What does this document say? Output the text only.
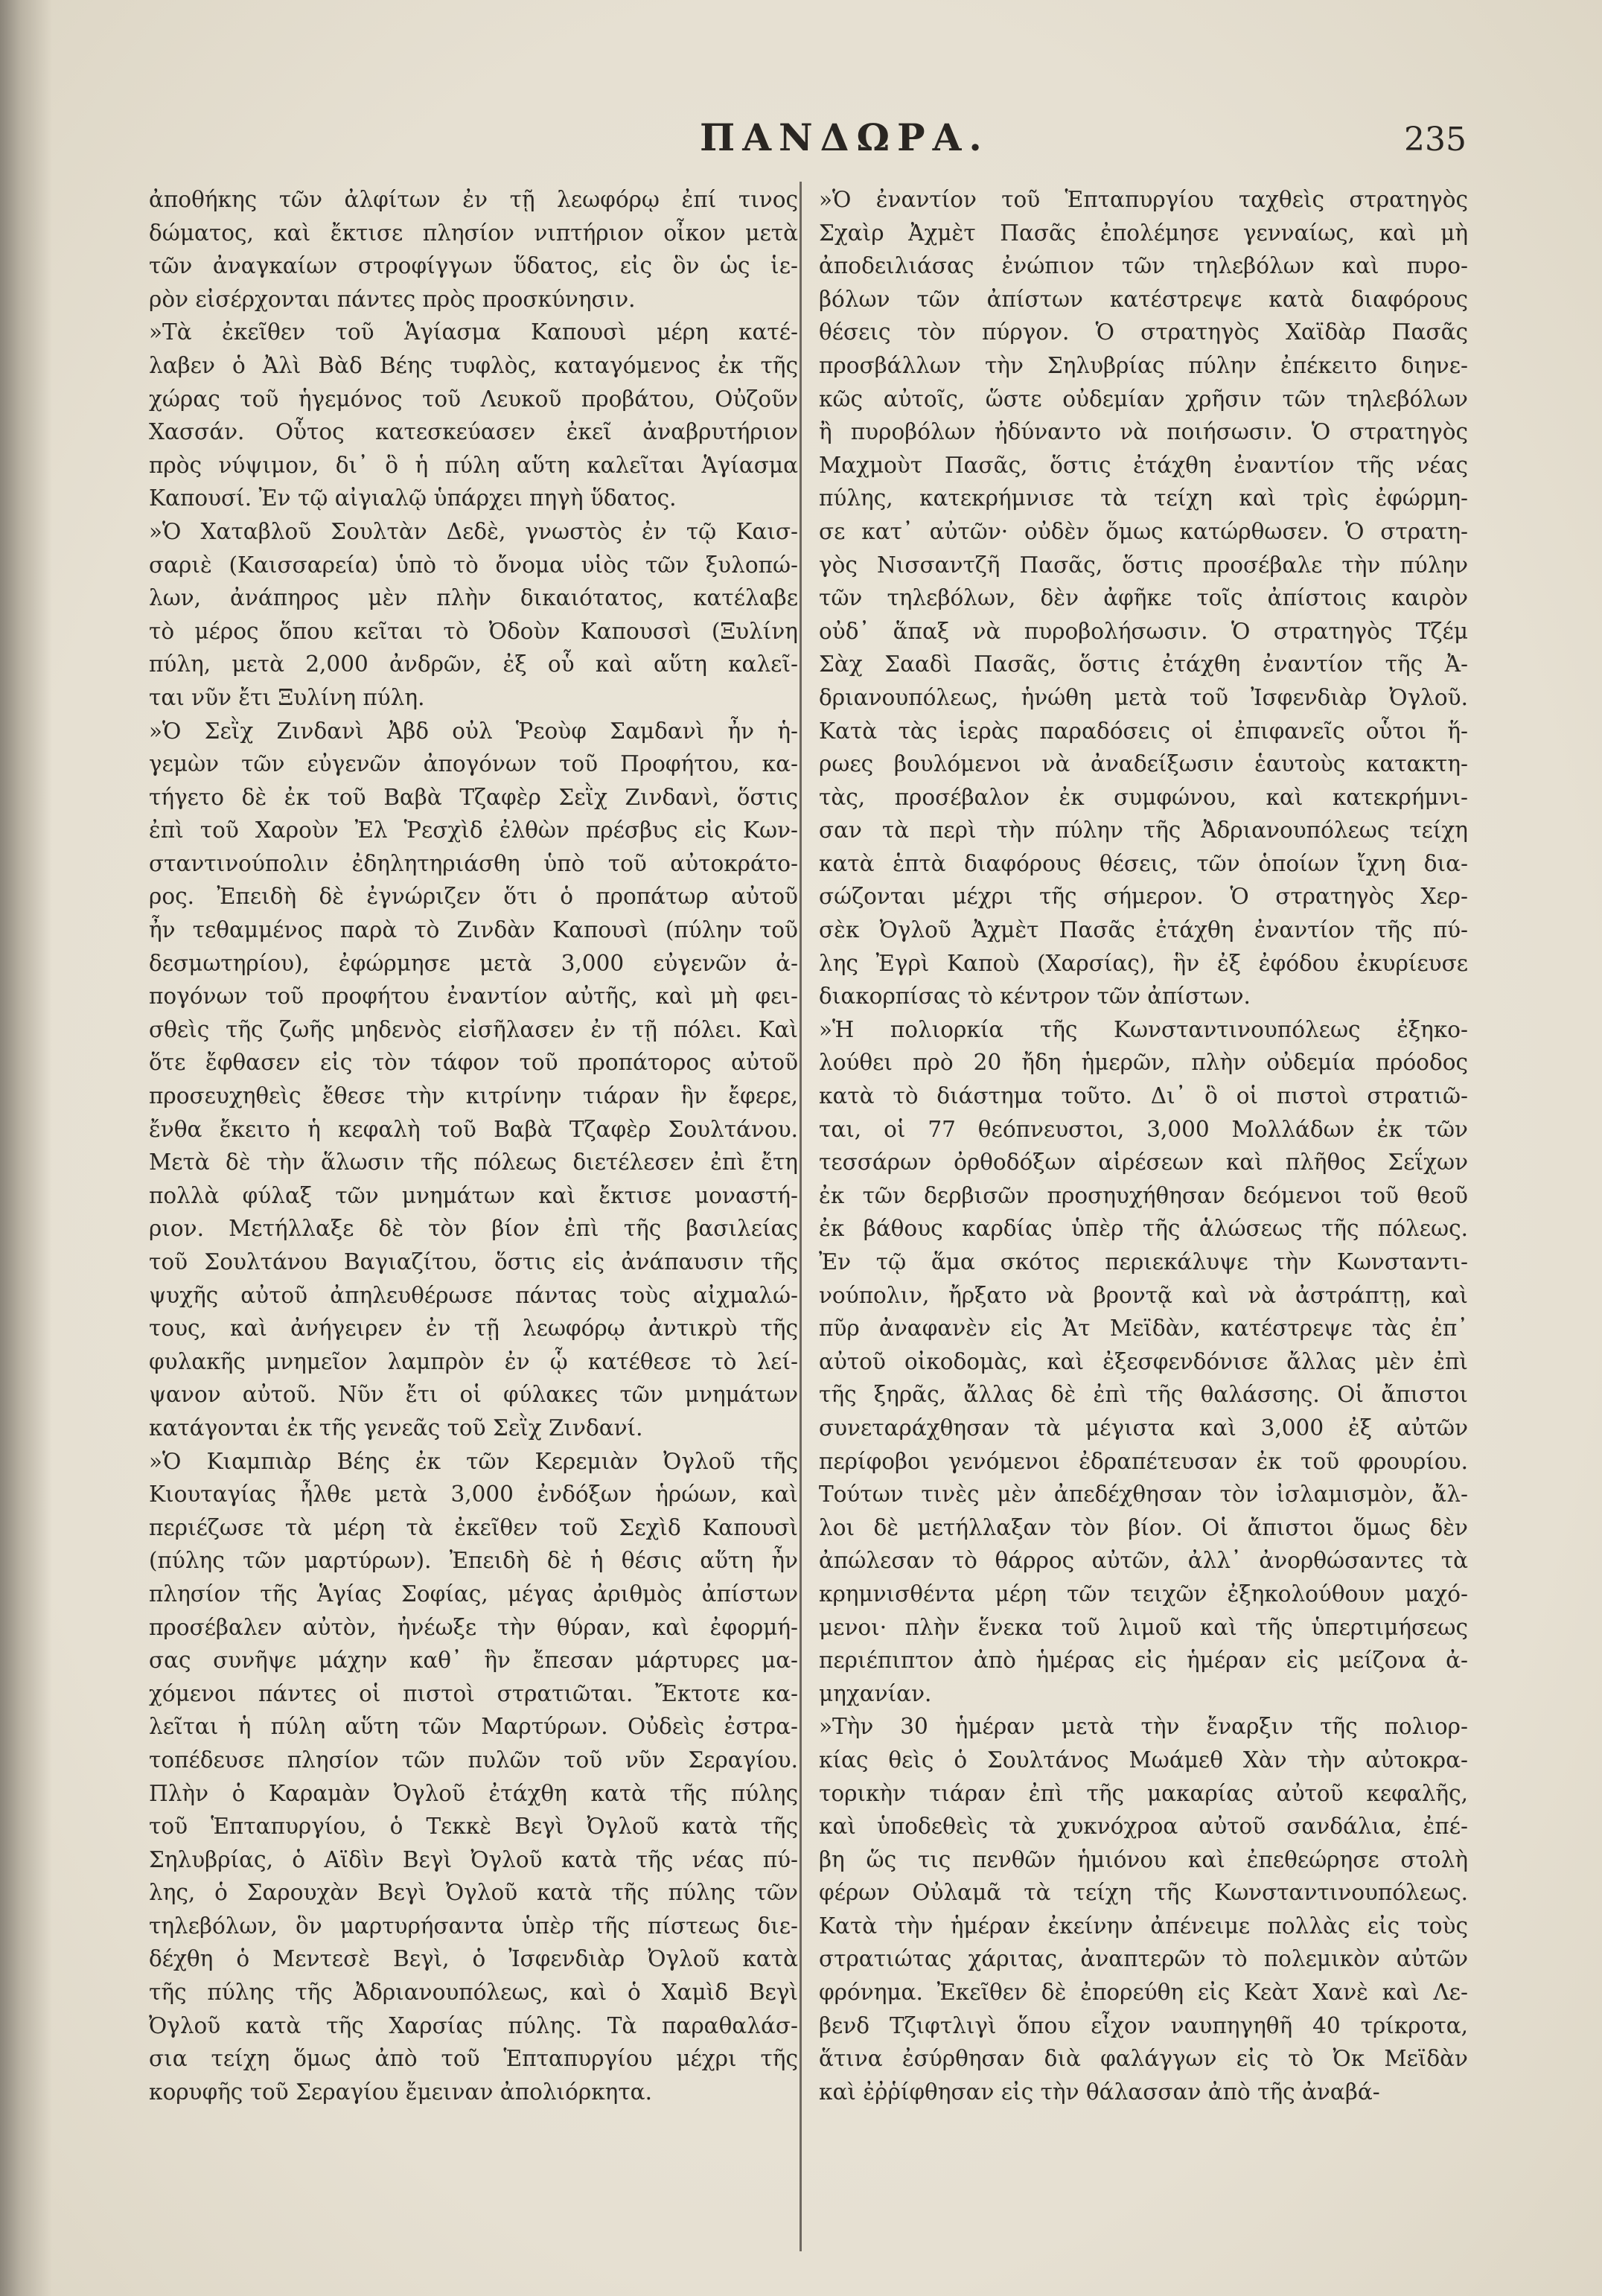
ΠΑΝΔΩΡΑ.	235
ἀποθήκης τῶν ἀλφίτων ἐν τῇ λεωφόρῳ ἐπί τινος
δώματος, καὶ ἔκτισε πλησίον νιπτήριον οἶκον μετὰ
τῶν ἀναγκαίων στροφίγγων ὕδατος, εἰς ὃν ὡς ἱε-
ρὸν εἰσέρχονται πάντες πρὸς προσκύνησιν.
»Τὰ ἐκεῖθεν τοῦ Ἁγίασμα Καπουσὶ μέρη κατέ-
λαβεν ὁ Ἀλὶ Βὰδ Βέης τυφλὸς, καταγόμενος ἐκ τῆς
χώρας τοῦ ἡγεμόνος τοῦ Λευκοῦ προβάτου, Οὐζοῦν
Χασσάν. Οὗτος κατεσκεύασεν ἐκεῖ ἀναβρυτήριον
πρὸς νύψιμον, δι᾽ ὃ ἡ πύλη αὕτη καλεῖται Ἁγίασμα
Καπουσί. Ἐν τῷ αἰγιαλῷ ὑπάρχει πηγὴ ὕδατος.
»Ὁ Χαταβλοῦ Σουλτὰν Δεδὲ, γνωστὸς ἐν τῷ Καισ-
σαριὲ (Καισσαρεία) ὑπὸ τὸ ὄνομα υἱὸς τῶν ξυλοπώ-
λων, ἀνάπηρος μὲν πλὴν δικαιότατος, κατέλαβε
τὸ μέρος ὅπου κεῖται τὸ Ὀδοὺν Καπουσσὶ (Ξυλίνη
πύλη, μετὰ 2,000 ἀνδρῶν, ἐξ οὗ καὶ αὕτη καλεῖ-
ται νῦν ἔτι Ξυλίνη πύλη.
»Ὁ Σεῒχ Ζινδανὶ Ἀβδ οὐλ Ῥεοὺφ Σαμδανὶ ἦν ἡ-
γεμὼν τῶν εὐγενῶν ἀπογόνων τοῦ Προφήτου, κα-
τήγετο δὲ ἐκ τοῦ Βαβὰ Τζαφὲρ Σεῒχ Ζινδανὶ, ὅστις
ἐπὶ τοῦ Χαροὺν Ἐλ Ῥεσχὶδ ἐλθὼν πρέσβυς εἰς Κων-
σταντινούπολιν ἐδηλητηριάσθη ὑπὸ τοῦ αὐτοκράτο-
ρος. Ἐπειδὴ δὲ ἐγνώριζεν ὅτι ὁ προπάτωρ αὐτοῦ
ἦν τεθαμμένος παρὰ τὸ Ζινδὰν Καπουσὶ (πύλην τοῦ
δεσμωτηρίου), ἐφώρμησε μετὰ 3,000 εὐγενῶν ἀ-
πογόνων τοῦ προφήτου ἐναντίον αὐτῆς, καὶ μὴ φει-
σθεὶς τῆς ζωῆς μηδενὸς εἰσῆλασεν ἐν τῇ πόλει. Καὶ
ὅτε ἔφθασεν εἰς τὸν τάφον τοῦ προπάτορος αὐτοῦ
προσευχηθεὶς ἔθεσε τὴν κιτρίνην τιάραν ἣν ἔφερε,
ἔνθα ἔκειτο ἡ κεφαλὴ τοῦ Βαβὰ Τζαφὲρ Σουλτάνου.
Μετὰ δὲ τὴν ἅλωσιν τῆς πόλεως διετέλεσεν ἐπὶ ἔτη
πολλὰ φύλαξ τῶν μνημάτων καὶ ἔκτισε μοναστή-
ριον. Μετήλλαξε δὲ τὸν βίον ἐπὶ τῆς βασιλείας
τοῦ Σουλτάνου Βαγιαζίτου, ὅστις εἰς ἀνάπαυσιν τῆς
ψυχῆς αὐτοῦ ἀπηλευθέρωσε πάντας τοὺς αἰχμαλώ-
τους, καὶ ἀνήγειρεν ἐν τῇ λεωφόρῳ ἀντικρὺ τῆς
φυλακῆς μνημεῖον λαμπρὸν ἐν ᾧ κατέθεσε τὸ λεί-
ψανον αὐτοῦ. Νῦν ἔτι οἱ φύλακες τῶν μνημάτων
κατάγονται ἐκ τῆς γενεᾶς τοῦ Σεῒχ Ζινδανί.
»Ὁ Κιαμπιὰρ Βέης ἐκ τῶν Κερεμιὰν Ὀγλοῦ τῆς
Κιουταγίας ἦλθε μετὰ 3,000 ἐνδόξων ἡρώων, καὶ
περιέζωσε τὰ μέρη τὰ ἐκεῖθεν τοῦ Σεχὶδ Καπουσὶ
(πύλης τῶν μαρτύρων). Ἐπειδὴ δὲ ἡ θέσις αὕτη ἦν
πλησίον τῆς Ἁγίας Σοφίας, μέγας ἀριθμὸς ἀπίστων
προσέβαλεν αὐτὸν, ἠνέωξε τὴν θύραν, καὶ ἐφορμή-
σας συνῆψε μάχην καθ᾽ ἣν ἔπεσαν μάρτυρες μα-
χόμενοι πάντες οἱ πιστοὶ στρατιῶται. Ἔκτοτε κα-
λεῖται ἡ πύλη αὕτη τῶν Μαρτύρων. Οὐδεὶς ἐστρα-
τοπέδευσε πλησίον τῶν πυλῶν τοῦ νῦν Σεραγίου.
Πλὴν ὁ Καραμὰν Ὀγλοῦ ἐτάχθη κατὰ τῆς πύλης
τοῦ Ἑπταπυργίου, ὁ Τεκκὲ Βεγὶ Ὀγλοῦ κατὰ τῆς
Σηλυβρίας, ὁ Αϊδὶν Βεγὶ Ὀγλοῦ κατὰ τῆς νέας πύ-
λης, ὁ Σαρουχὰν Βεγὶ Ὀγλοῦ κατὰ τῆς πύλης τῶν
τηλεβόλων, ὃν μαρτυρήσαντα ὑπὲρ τῆς πίστεως διε-
δέχθη ὁ Μεντεσὲ Βεγὶ, ὁ Ἰσφενδιὰρ Ὀγλοῦ κατὰ
τῆς πύλης τῆς Ἀδριανουπόλεως, καὶ ὁ Χαμὶδ Βεγὶ
Ὀγλοῦ κατὰ τῆς Χαρσίας πύλης. Τὰ παραθαλάσ-
σια τείχη ὅμως ἀπὸ τοῦ Ἑπταπυργίου μέχρι τῆς
κορυφῆς τοῦ Σεραγίου ἔμειναν ἀπολιόρκητα.
»Ὁ ἐναντίον τοῦ Ἑπταπυργίου ταχθεὶς στρατηγὸς
Σχαὶρ Ἀχμὲτ Πασᾶς ἐπολέμησε γενναίως, καὶ μὴ
ἀποδειλιάσας ἐνώπιον τῶν τηλεβόλων καὶ πυρο-
βόλων τῶν ἀπίστων κατέστρεψε κατὰ διαφόρους
θέσεις τὸν πύργον. Ὁ στρατηγὸς Χαϊδὰρ Πασᾶς
προσβάλλων τὴν Σηλυβρίας πύλην ἐπέκειτο διηνε-
κῶς αὐτοῖς, ὥστε οὐδεμίαν χρῆσιν τῶν τηλεβόλων
ἢ πυροβόλων ἠδύναντο νὰ ποιήσωσιν. Ὁ στρατηγὸς
Μαχμοὺτ Πασᾶς, ὅστις ἐτάχθη ἐναντίον τῆς νέας
πύλης, κατεκρήμνισε τὰ τείχη καὶ τρὶς ἐφώρμη-
σε κατ᾽ αὐτῶν· οὐδὲν ὅμως κατώρθωσεν. Ὁ στρατη-
γὸς Νισσαντζῆ Πασᾶς, ὅστις προσέβαλε τὴν πύλην
τῶν τηλεβόλων, δὲν ἀφῆκε τοῖς ἀπίστοις καιρὸν
οὐδ᾽ ἅπαξ νὰ πυροβολήσωσιν. Ὁ στρατηγὸς Τζέμ
Σὰχ Σααδὶ Πασᾶς, ὅστις ἐτάχθη ἐναντίον τῆς Ἀ-
δριανουπόλεως, ἡνώθη μετὰ τοῦ Ἰσφενδιὰρ Ὀγλοῦ.
Κατὰ τὰς ἱερὰς παραδόσεις οἱ ἐπιφανεῖς οὗτοι ἥ-
ρωες βουλόμενοι νὰ ἀναδείξωσιν ἑαυτοὺς κατακτη-
τὰς, προσέβαλον ἐκ συμφώνου, καὶ κατεκρήμνι-
σαν τὰ περὶ τὴν πύλην τῆς Ἀδριανουπόλεως τείχη
κατὰ ἑπτὰ διαφόρους θέσεις, τῶν ὁποίων ἴχνη δια-
σώζονται μέχρι τῆς σήμερον. Ὁ στρατηγὸς Χερ-
σὲκ Ὀγλοῦ Ἀχμὲτ Πασᾶς ἐτάχθη ἐναντίον τῆς πύ-
λης Ἐγρὶ Καποὺ (Χαρσίας), ἣν ἐξ ἐφόδου ἐκυρίευσε
διακορπίσας τὸ κέντρον τῶν ἀπίστων.
»Ἡ πολιορκία τῆς Κωνσταντινουπόλεως ἐξηκο-
λούθει πρὸ 20 ἤδη ἡμερῶν, πλὴν οὐδεμία πρόοδος
κατὰ τὸ διάστημα τοῦτο. Δι᾽ ὃ οἱ πιστοὶ στρατιῶ-
ται, οἱ 77 θεόπνευστοι, 3,000 Μολλάδων ἐκ τῶν
τεσσάρων ὀρθοδόξων αἱρέσεων καὶ πλῆθος Σεΐχων
ἐκ τῶν δερβισῶν προσηυχήθησαν δεόμενοι τοῦ θεοῦ
ἐκ βάθους καρδίας ὑπὲρ τῆς ἁλώσεως τῆς πόλεως.
Ἐν τῷ ἅμα σκότος περιεκάλυψε τὴν Κωνσταντι-
νούπολιν, ἤρξατο νὰ βροντᾷ καὶ νὰ ἀστράπτῃ, καὶ
πῦρ ἀναφανὲν εἰς Ἀτ Μεϊδὰν, κατέστρεψε τὰς ἐπ᾽
αὐτοῦ οἰκοδομὰς, καὶ ἐξεσφενδόνισε ἄλλας μὲν ἐπὶ
τῆς ξηρᾶς, ἄλλας δὲ ἐπὶ τῆς θαλάσσης. Οἱ ἄπιστοι
συνεταράχθησαν τὰ μέγιστα καὶ 3,000 ἐξ αὐτῶν
περίφοβοι γενόμενοι ἐδραπέτευσαν ἐκ τοῦ φρουρίου.
Τούτων τινὲς μὲν ἀπεδέχθησαν τὸν ἰσλαμισμὸν, ἄλ-
λοι δὲ μετήλλαξαν τὸν βίον. Οἱ ἄπιστοι ὅμως δὲν
ἀπώλεσαν τὸ θάρρος αὐτῶν, ἀλλ᾽ ἀνορθώσαντες τὰ
κρημνισθέντα μέρη τῶν τειχῶν ἐξηκολούθουν μαχό-
μενοι· πλὴν ἕνεκα τοῦ λιμοῦ καὶ τῆς ὑπερτιμήσεως
περιέπιπτον ἀπὸ ἡμέρας εἰς ἡμέραν εἰς μείζονα ἀ-
μηχανίαν.
»Τὴν 30 ἡμέραν μετὰ τὴν ἔναρξιν τῆς πολιορ-
κίας θεὶς ὁ Σουλτάνος Μωάμεθ Χὰν τὴν αὐτοκρα-
τορικὴν τιάραν ἐπὶ τῆς μακαρίας αὐτοῦ κεφαλῆς,
καὶ ὑποδεθεὶς τὰ χυκνόχροα αὐτοῦ σανδάλια, ἐπέ-
βη ὥς τις πενθῶν ἡμιόνου καὶ ἐπεθεώρησε στολὴ
φέρων Οὐλαμᾶ τὰ τείχη τῆς Κωνσταντινουπόλεως.
Κατὰ τὴν ἡμέραν ἐκείνην ἀπένειμε πολλὰς εἰς τοὺς
στρατιώτας χάριτας, ἀναπτερῶν τὸ πολεμικὸν αὐτῶν
φρόνημα. Ἐκεῖθεν δὲ ἐπορεύθη εἰς Κεὰτ Χανὲ καὶ Λε-
βενδ Τζιφτλιγὶ ὅπου εἶχον ναυπηγηθῆ 40 τρίκροτα,
ἅτινα ἐσύρθησαν διὰ φαλάγγων εἰς τὸ Ὀκ Μεϊδὰν
καὶ ἐῤῥίφθησαν εἰς τὴν θάλασσαν ἀπὸ τῆς ἀναβά-
